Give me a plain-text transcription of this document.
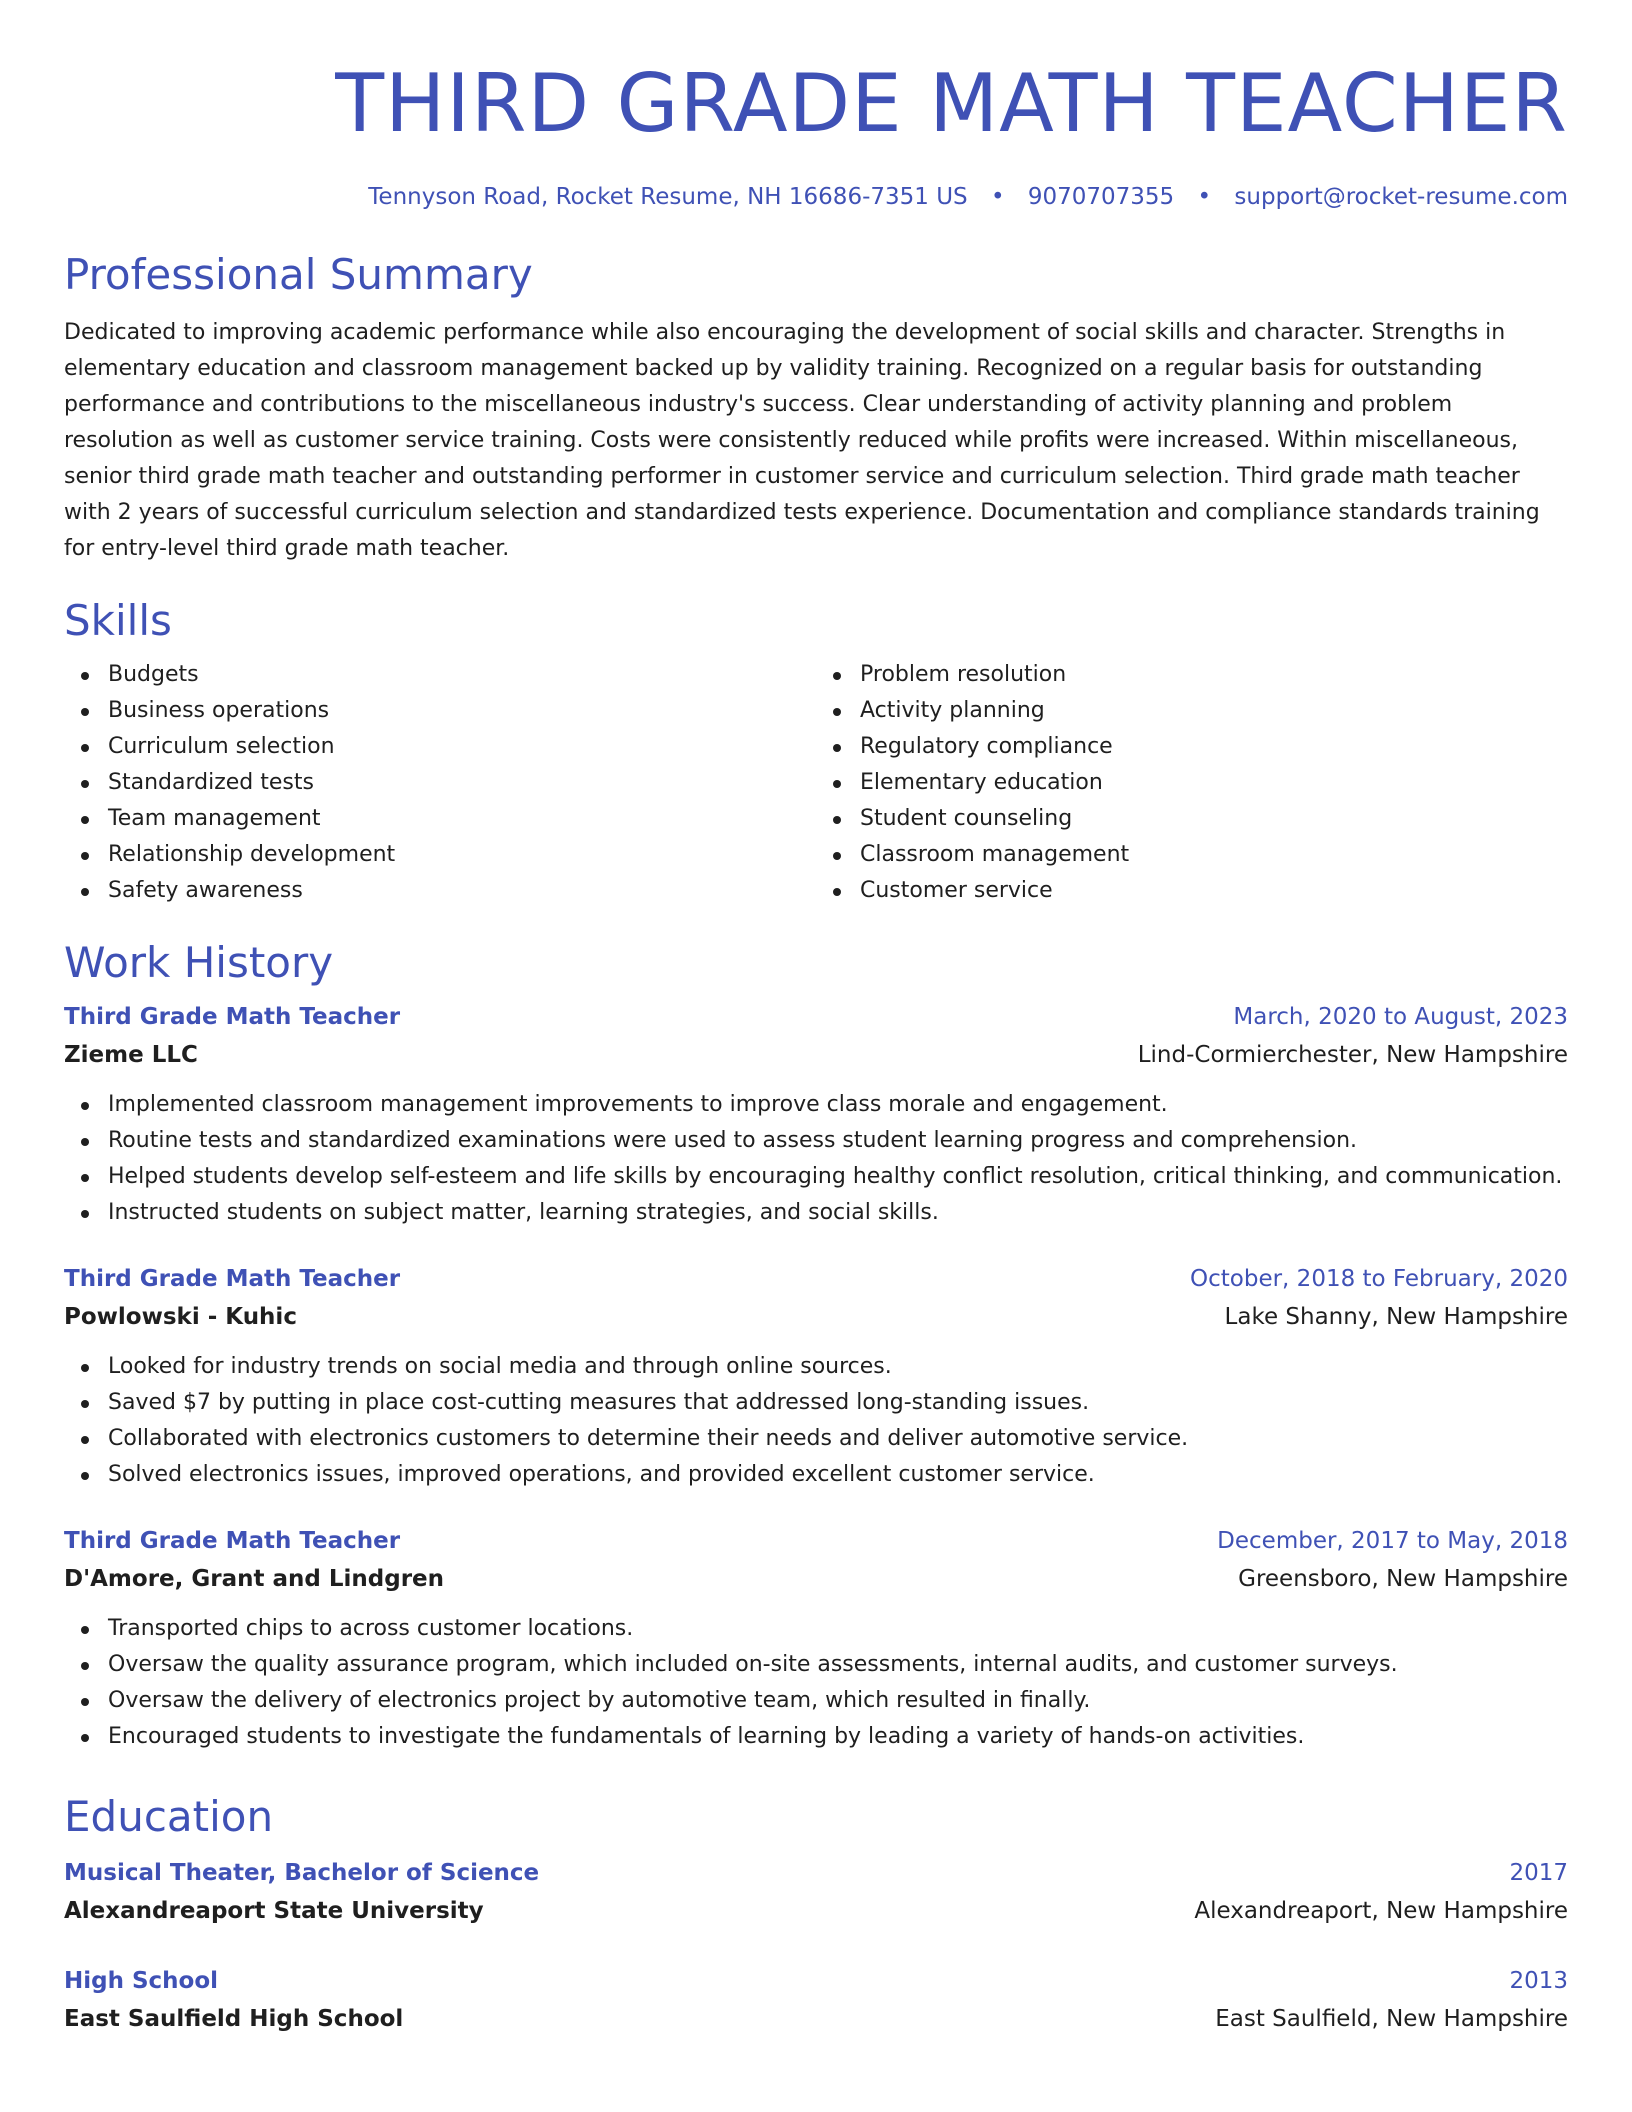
THIRD GRADE MATH TEACHER
Tennyson Road, Rocket Resume, NH 16686-7351 US • 9070707355 • support@rocket-resume.com
Professional Summary
Dedicated to improving academic performance while also encouraging the development of social skills and character. Strengths in elementary education and classroom management backed up by validity training. Recognized on a regular basis for outstanding performance and contributions to the miscellaneous industry's success. Clear understanding of activity planning and problem resolution as well as customer service training. Costs were consistently reduced while profits were increased. Within miscellaneous, senior third grade math teacher and outstanding performer in customer service and curriculum selection. Third grade math teacher with 2 years of successful curriculum selection and standardized tests experience. Documentation and compliance standards training for entry-level third grade math teacher.
Skills
Budgets
Business operations
Curriculum selection
Standardized tests
Team management
Relationship development
Safety awareness
Problem resolution
Activity planning
Regulatory compliance
Elementary education
Student counseling
Classroom management
Customer service
Work History
Third Grade Math Teacher	March, 2020 to August, 2023
Zieme LLC	Lind-Cormierchester, New Hampshire
Implemented classroom management improvements to improve class morale and engagement.
Routine tests and standardized examinations were used to assess student learning progress and comprehension.
Helped students develop self-esteem and life skills by encouraging healthy conflict resolution, critical thinking, and communication.
Instructed students on subject matter, learning strategies, and social skills.
Third Grade Math Teacher	October, 2018 to February, 2020
Powlowski - Kuhic	Lake Shanny, New Hampshire
Looked for industry trends on social media and through online sources.
Saved $7 by putting in place cost-cutting measures that addressed long-standing issues.
Collaborated with electronics customers to determine their needs and deliver automotive service.
Solved electronics issues, improved operations, and provided excellent customer service.
Third Grade Math Teacher	December, 2017 to May, 2018
D'Amore, Grant and Lindgren	Greensboro, New Hampshire
Transported chips to across customer locations.
Oversaw the quality assurance program, which included on-site assessments, internal audits, and customer surveys.
Oversaw the delivery of electronics project by automotive team, which resulted in finally.
Encouraged students to investigate the fundamentals of learning by leading a variety of hands-on activities.
Education
Musical Theater, Bachelor of Science	2017
Alexandreaport State University	Alexandreaport, New Hampshire
High School	2013
East Saulfield High School	East Saulfield, New Hampshire
